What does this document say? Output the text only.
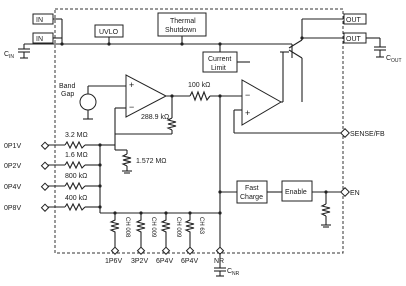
IN
IN
C IN
UVLO
Thermal
Shutdown
Current
Limit
OUT
OUT
C OUT
Band
Gap
+
−
288.9 kΩ
100 kΩ
−
+
SENSE/FB
0P1V
3.2 MΩ
0P2V
1.6 MΩ
0P4V
800 kΩ
0P8V
400 kΩ
1.572 MΩ
CH 008	CH 009	CH 009	CH 63
1P6V 3P2V 6P4V 6P4V NR
C NR
Fast
Charge
Enable	EN
